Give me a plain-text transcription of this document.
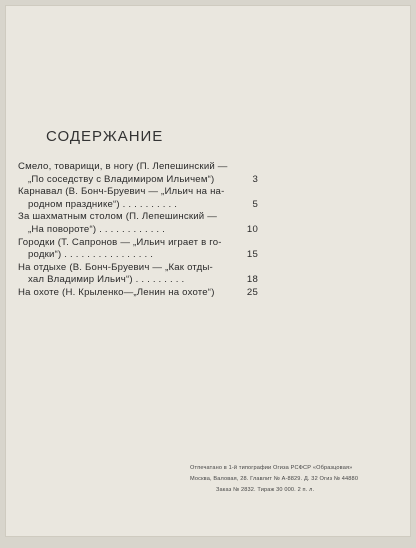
СОДЕРЖАНИЕ
Смело, товарищи, в ногу (П. Лепешинский —
„По соседству с Владимиром Ильичем“)	3
Карнавал (В. Бонч-Бруевич — „Ильич на на-
родном празднике“) . . . . . . . . . .	5
За шахматным столом (П. Лепешинский —
„На повороте“) . . . . . . . . . . . .	10
Городки (Т. Сапронов — „Ильич играет в го-
родки“) . . . . . . . . . . . . . . . .	15
На отдыхе (В. Бонч-Бруевич — „Как отды-
хал Владимир Ильич“) . . . . . . . . .	18
На охоте (Н. Крыленко—„Ленин на охоте“)	25
Отпечатано в 1-й типографии Огиза РСФСР «Образцовая»
Москва, Валовая, 28. Главлит № А-8829. Д. 32 Огиз № 44880
Заказ № 2832. Тираж 30 000. 2 п. л.
